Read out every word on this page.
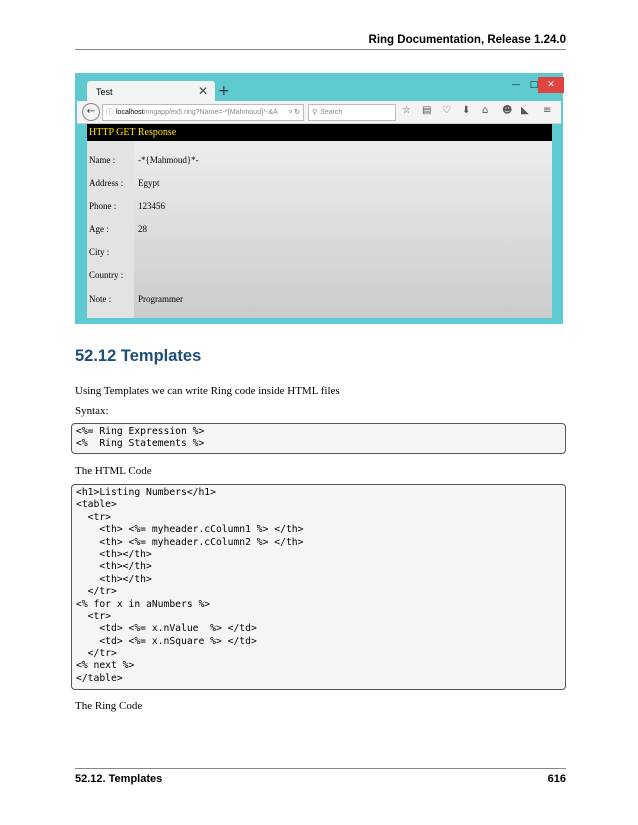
Ring Documentation, Release 1.24.0
Test	✕ +	—	□ ✕
←	ⓘ localhost/ringapp/ex5.ring?Name=-*{Mahmoud}*-&A ▿ ↻	⚲ Search	☆ ▤ ♡ ⬇ ⌂ ☻ ◣ ≡
HTTP GET Response
Name :	-*{Mahmoud}*-
Address : Egypt
Phone : 123456
Age :	28
City :
Country :
Note :	Programmer
52.12 Templates
Using Templates we can write Ring code inside HTML files
Syntax:
<%= Ring Expression %>
<%  Ring Statements %>
The HTML Code
<h1>Listing Numbers</h1>
<table>
<tr>
<th> <%= myheader.cColumn1 %> </th>
<th> <%= myheader.cColumn2 %> </th>
<th></th>
<th></th>
<th></th>
</tr>
<% for x in aNumbers %>
<tr>
<td> <%= x.nValue  %> </td>
<td> <%= x.nSquare %> </td>
</tr>
<% next %>
</table>
The Ring Code
52.12. Templates	616
